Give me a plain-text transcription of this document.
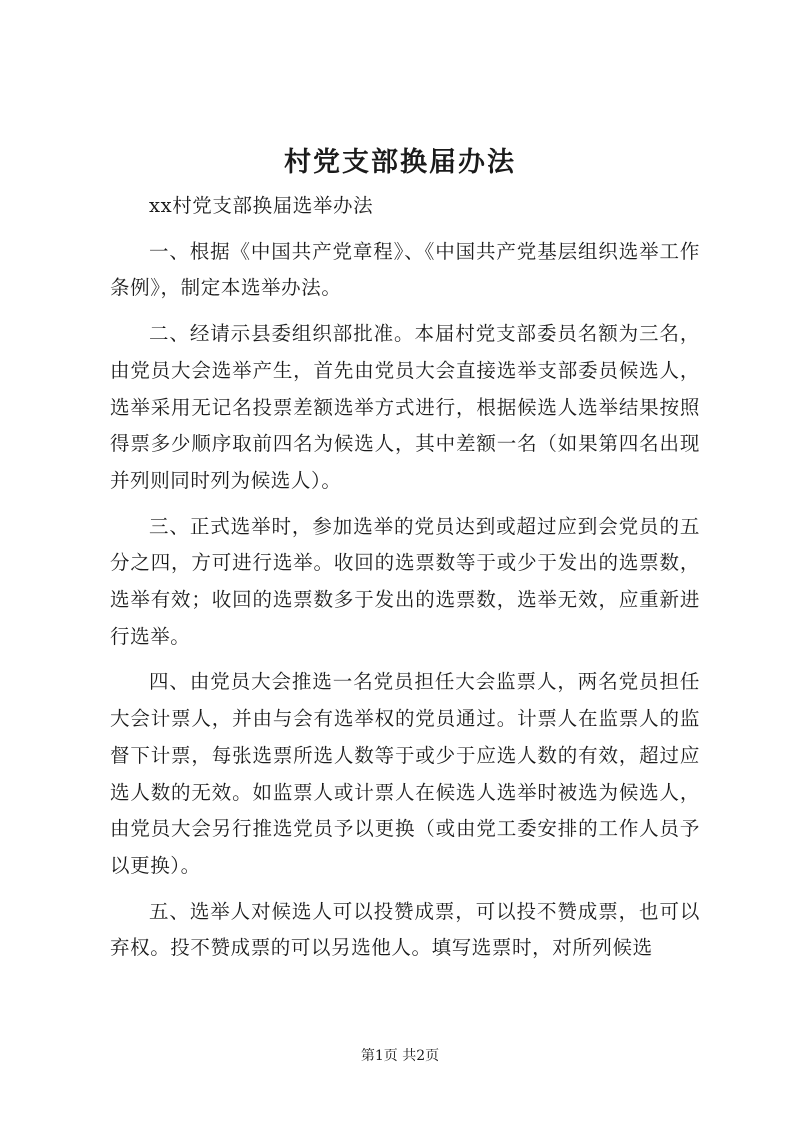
村党支部换届办法

xx村党支部换届选举办法

一、根据《中国共产党章程》、《中国共产党基层组织选举工作条例》，制定本选举办法。

二、经请示县委组织部批准。本届村党支部委员名额为三名，由党员大会选举产生，首先由党员大会直接选举支部委员候选人，选举采用无记名投票差额选举方式进行，根据候选人选举结果按照得票多少顺序取前四名为候选人，其中差额一名（如果第四名出现并列则同时列为候选人）。

三、正式选举时，参加选举的党员达到或超过应到会党员的五分之四，方可进行选举。收回的选票数等于或少于发出的选票数，选举有效；收回的选票数多于发出的选票数，选举无效，应重新进行选举。

四、由党员大会推选一名党员担任大会监票人，两名党员担任大会计票人，并由与会有选举权的党员通过。计票人在监票人的监督下计票，每张选票所选人数等于或少于应选人数的有效，超过应选人数的无效。如监票人或计票人在候选人选举时被选为候选人，由党员大会另行推选党员予以更换（或由党工委安排的工作人员予以更换）。

五、选举人对候选人可以投赞成票，可以投不赞成票，也可以弃权。投不赞成票的可以另选他人。填写选票时，对所列候选

第1页 共2页
